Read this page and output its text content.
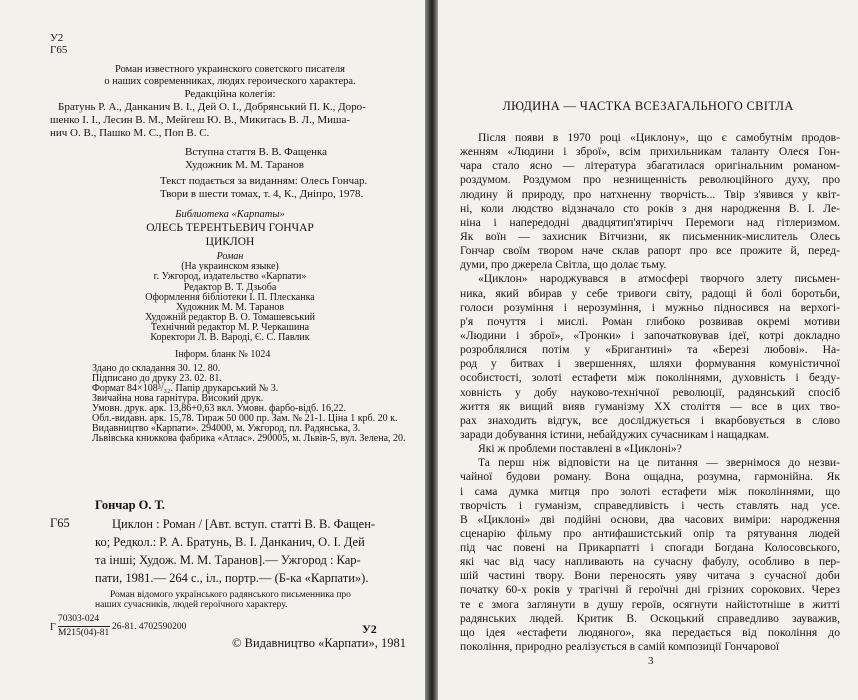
У2
Г65
Роман известного украинского советского писателя
о наших современниках, людях героического характера.
Редакційна колегія:
Братунь Р. А., Данканич В. І., Дей О. І., Добрянський П. К., Доро-
шенко І. І., Лесин В. М., Мейгеш Ю. В., Микитась В. Л., Мишa-
нич О. В., Пашко М. С., Поп В. С.
Вступна стаття В. В. Фащенка
Художник М. М. Таранов
Текст подається за виданням: Олесь Гончар.
Твори в шести томах, т. 4, К., Дніпро, 1978.
Библиотека «Карпаты»
ОЛЕСЬ ТЕРЕНТЬЕВИЧ ГОНЧАР
ЦИКЛОН
Роман
(На украинском языке)
г. Ужгород, издательство «Карпати»
Редактор В. Т. Дзьоба
Оформлення бібліотеки І. П. Плесканка
Художник М. М. Таранов
Художній редактор В. О. Томашевський
Технічний редактор М. Р. Черкашина
Коректори Л. В. Вароді, Є. С. Павлик
Інформ. бланк № 1024
Здано до складання 30. 12. 80.
Підписано до друку 23. 02. 81.
Формат 84×108³/₃₂. Папір друкарський № 3.
Звичайна нова гарнітура. Високий друк.
Умовн. друк. арк. 13,86+0,63 вкл. Умовн. фарбо-відб. 16,22.
Обл.-видавн. арк. 15,78. Тираж 50 000 пр. Зам. № 21-1. Ціна 1 крб. 20 к.
Видавництво «Карпати». 294000, м. Ужгород, пл. Радянська, 3.
Львівська книжкова фабрика «Атлас». 290005, м. Львів-5, вул. Зелена, 20.
Г65
Гончар О. Т.
Циклон : Роман / [Авт. вступ. статті В. В. Фащен-
ко; Редкол.: Р. А. Братунь, В. І. Данканич, О. І. Дей
та інші; Худож. М. М. Таранов].— Ужгород : Кар-
пати, 1981.— 264 с., іл., портр.— (Б-ка «Карпати»).
Роман відомого українського радянського письменника про
наших сучасників, людей героїчного характеру.
Г
70303-024
М215(04)-81
26-81. 4702590200	У2
© Видавництво «Карпати», 1981
ЛЮДИНА — ЧАСТКА ВСЕЗАГАЛЬНОГО СВІТЛА
Після появи в 1970 році «Циклону», що є самобутнім продов-
женням «Людини і зброї», всім прихильникам таланту Олеся Гон-
чара стало ясно — література збагатилася оригінальним романом-
роздумом. Роздумом про незнищенність революційного духу, про
людину й природу, про натхненну творчість... Твір з'явився у квіт-
ні, коли людство відзначало сто років з дня народження В. І. Ле-
ніна і напередодні двадцятип'ятирічч Перемоги над гітлеризмом.
Як воїн — захисник Вітчизни, як письменник-мислитель Олесь
Гончар своїм твором наче склав рапорт про все прожите й, перед-
думи, про джерела Світла, що долає тьму.
«Циклон» народжувався в атмосфері творчого злету письмен-
ника, який вбирав у себе тривоги світу, радощі й болі боротьби,
голоси розуміння і нерозуміння, і мужньо підносився на верхогі-
р'я почуття і мислі. Роман глибоко розвивав окремі мотиви
«Людини і зброї», «Тронки» і започатковував ідеї, котрі докладно
розроблялися потім у «Бригантині» та «Березі любові». На-
род у битвах і звершеннях, шляхи формування комуністичної
особистості, золоті естафети між поколіннями, духовність і безду-
ховність у добу науково-технічної революції, радянський спосіб
життя як вищий вияв гуманізму XX століття — все в цих тво-
рах знаходить відгук, все досліджується і вкарбовується в слово
заради добування істини, небайдужих сучасникам і нащадкам.
Які ж проблеми поставлені в «Циклоні»?
Та перш ніж відповісти на це питання — звернімося до незви-
чайної будови роману. Вона ощадна, розумна, гармонійна. Як
і сама думка митця про золоті естафети між поколіннями, що
творчість і гуманізм, справедливість і честь ставлять над усе.
В «Циклоні» дві подійні основи, два часових виміри: народження
сценарію фільму про антифашистський опір та рятування людей
під час повені на Прикарпатті і спогади Богдана Колосовського,
які час від часу напливають на сучасну фабулу, особливо в пер-
шій частині твору. Вони переносять уяву читача з сучасної доби
початку 60-х років у трагічні й героїчні дні грізних сорокових. Через
те є змога заглянути в душу героїв, осягнути найістотніше в житті
радянських людей. Критик В. Оскоцький справедливо зауважив,
що ідея «естафети людяного», яка передається від покоління до
покоління, природно реалізується в самій композиції Гончарової
3
